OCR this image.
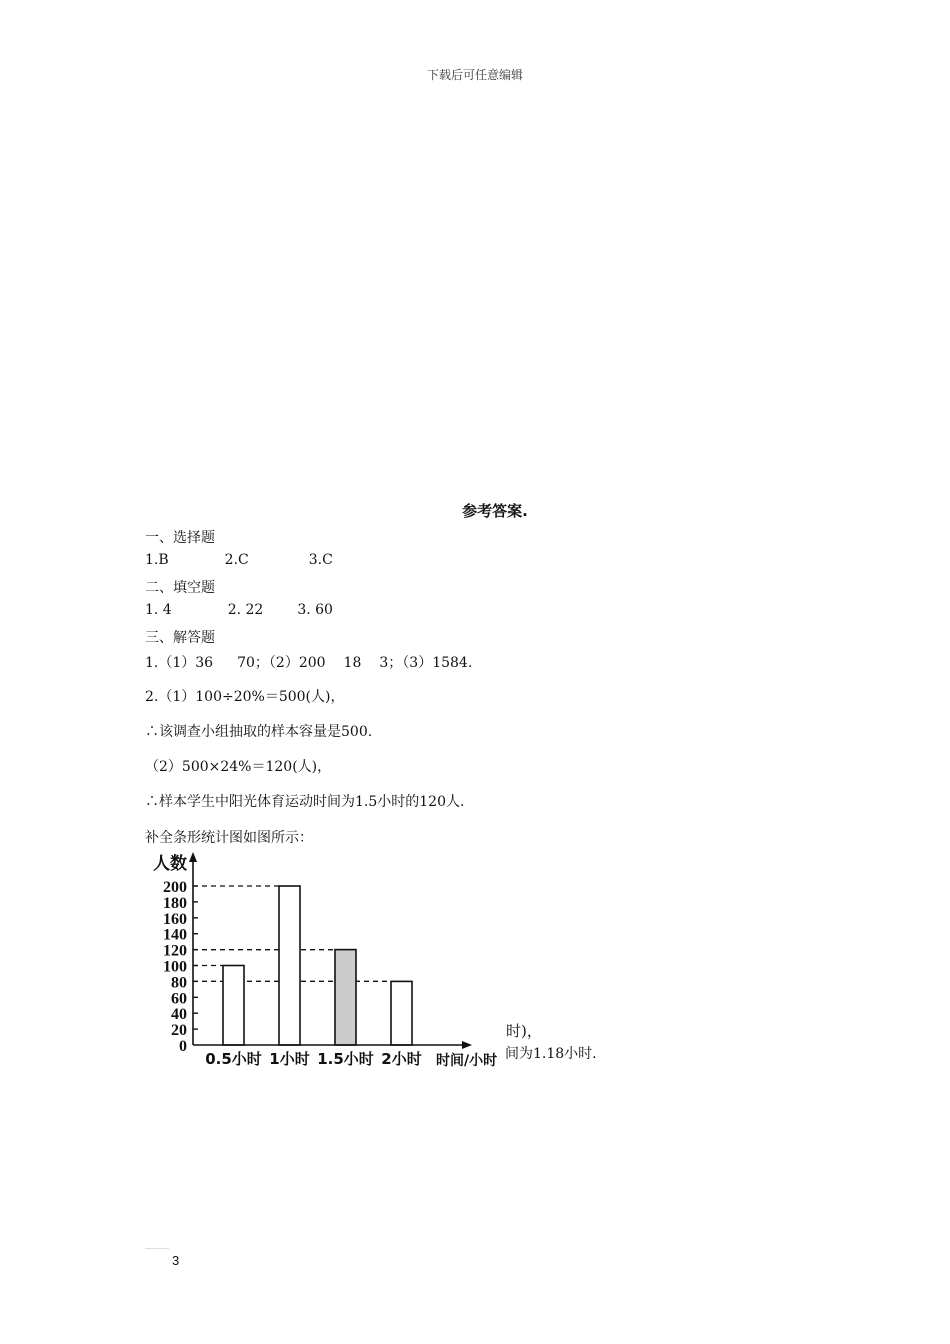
下载后可任意编辑
参考答案.
一、选择题
1.B	2.C	3.C
二、填空题
1. 4	2. 22 3. 60
三、解答题
1.（1）36 70；（2）200 18 3；（3）1584.
2.（1）100÷20%＝500(人)，
∴该调查小组抽取的样本容量是500.
（2）500×24%＝120(人)，
∴样本学生中阳光体育运动时间为1.5小时的120人.
补全条形统计图如图所示：
时)，
间为1.18小时.
0
20
40
60
80
100
120
140
160
180
200
人数
0.5小时 1小时 1.5小时 2小时 时间/小时
3
